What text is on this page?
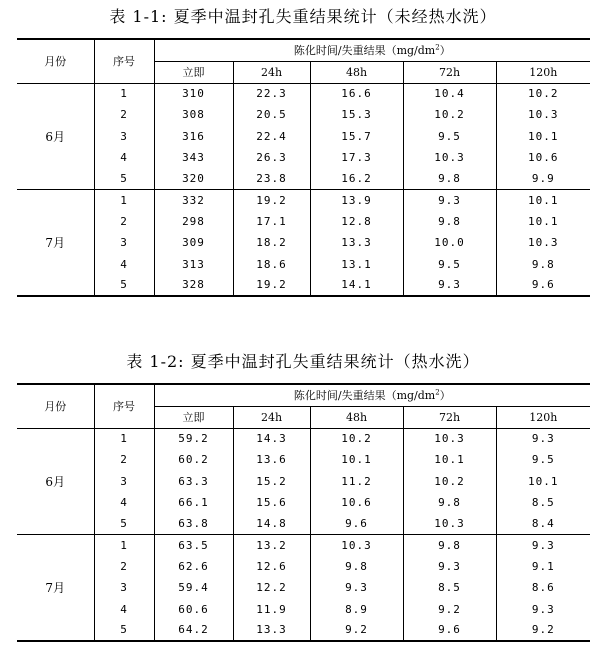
表 1-1: 夏季中温封孔失重结果统计（未经热水洗）
月份	序号	陈化时间/失重结果$(mg/dm^2)$				
		立即	24h	48h	72h	120h
6月	1	310	22.3	16.6	10.4	10.2
	2	308	20.5	15.3	10.2	10.3
	3	316	22.4	15.7	9.5	10.1
	4	343	26.3	17.3	10.3	10.6
	5	320	23.8	16.2	9.8	9.9
7月	1	332	19.2	13.9	9.3	10.1
	2	298	17.1	12.8	9.8	10.1
	3	309	18.2	13.3	10.0	10.3
	4	313	18.6	13.1	9.5	9.8
	5	328	19.2	14.1	9.3	9.6
表 1-2: 夏季中温封孔失重结果统计（热水洗）
月份	序号	陈化时间/失重结果$(mg/dm^2)$				
		立即	24h	48h	72h	120h
6月	1	59.2	14.3	10.2	10.3	9.3
	2	60.2	13.6	10.1	10.1	9.5
	3	63.3	15.2	11.2	10.2	10.1
	4	66.1	15.6	10.6	9.8	8.5
	5	63.8	14.8	9.6	10.3	8.4
7月	1	63.5	13.2	10.3	9.8	9.3
	2	62.6	12.6	9.8	9.3	9.1
	3	59.4	12.2	9.3	8.5	8.6
	4	60.6	11.9	8.9	9.2	9.3
	5	64.2	13.3	9.2	9.6	9.2
